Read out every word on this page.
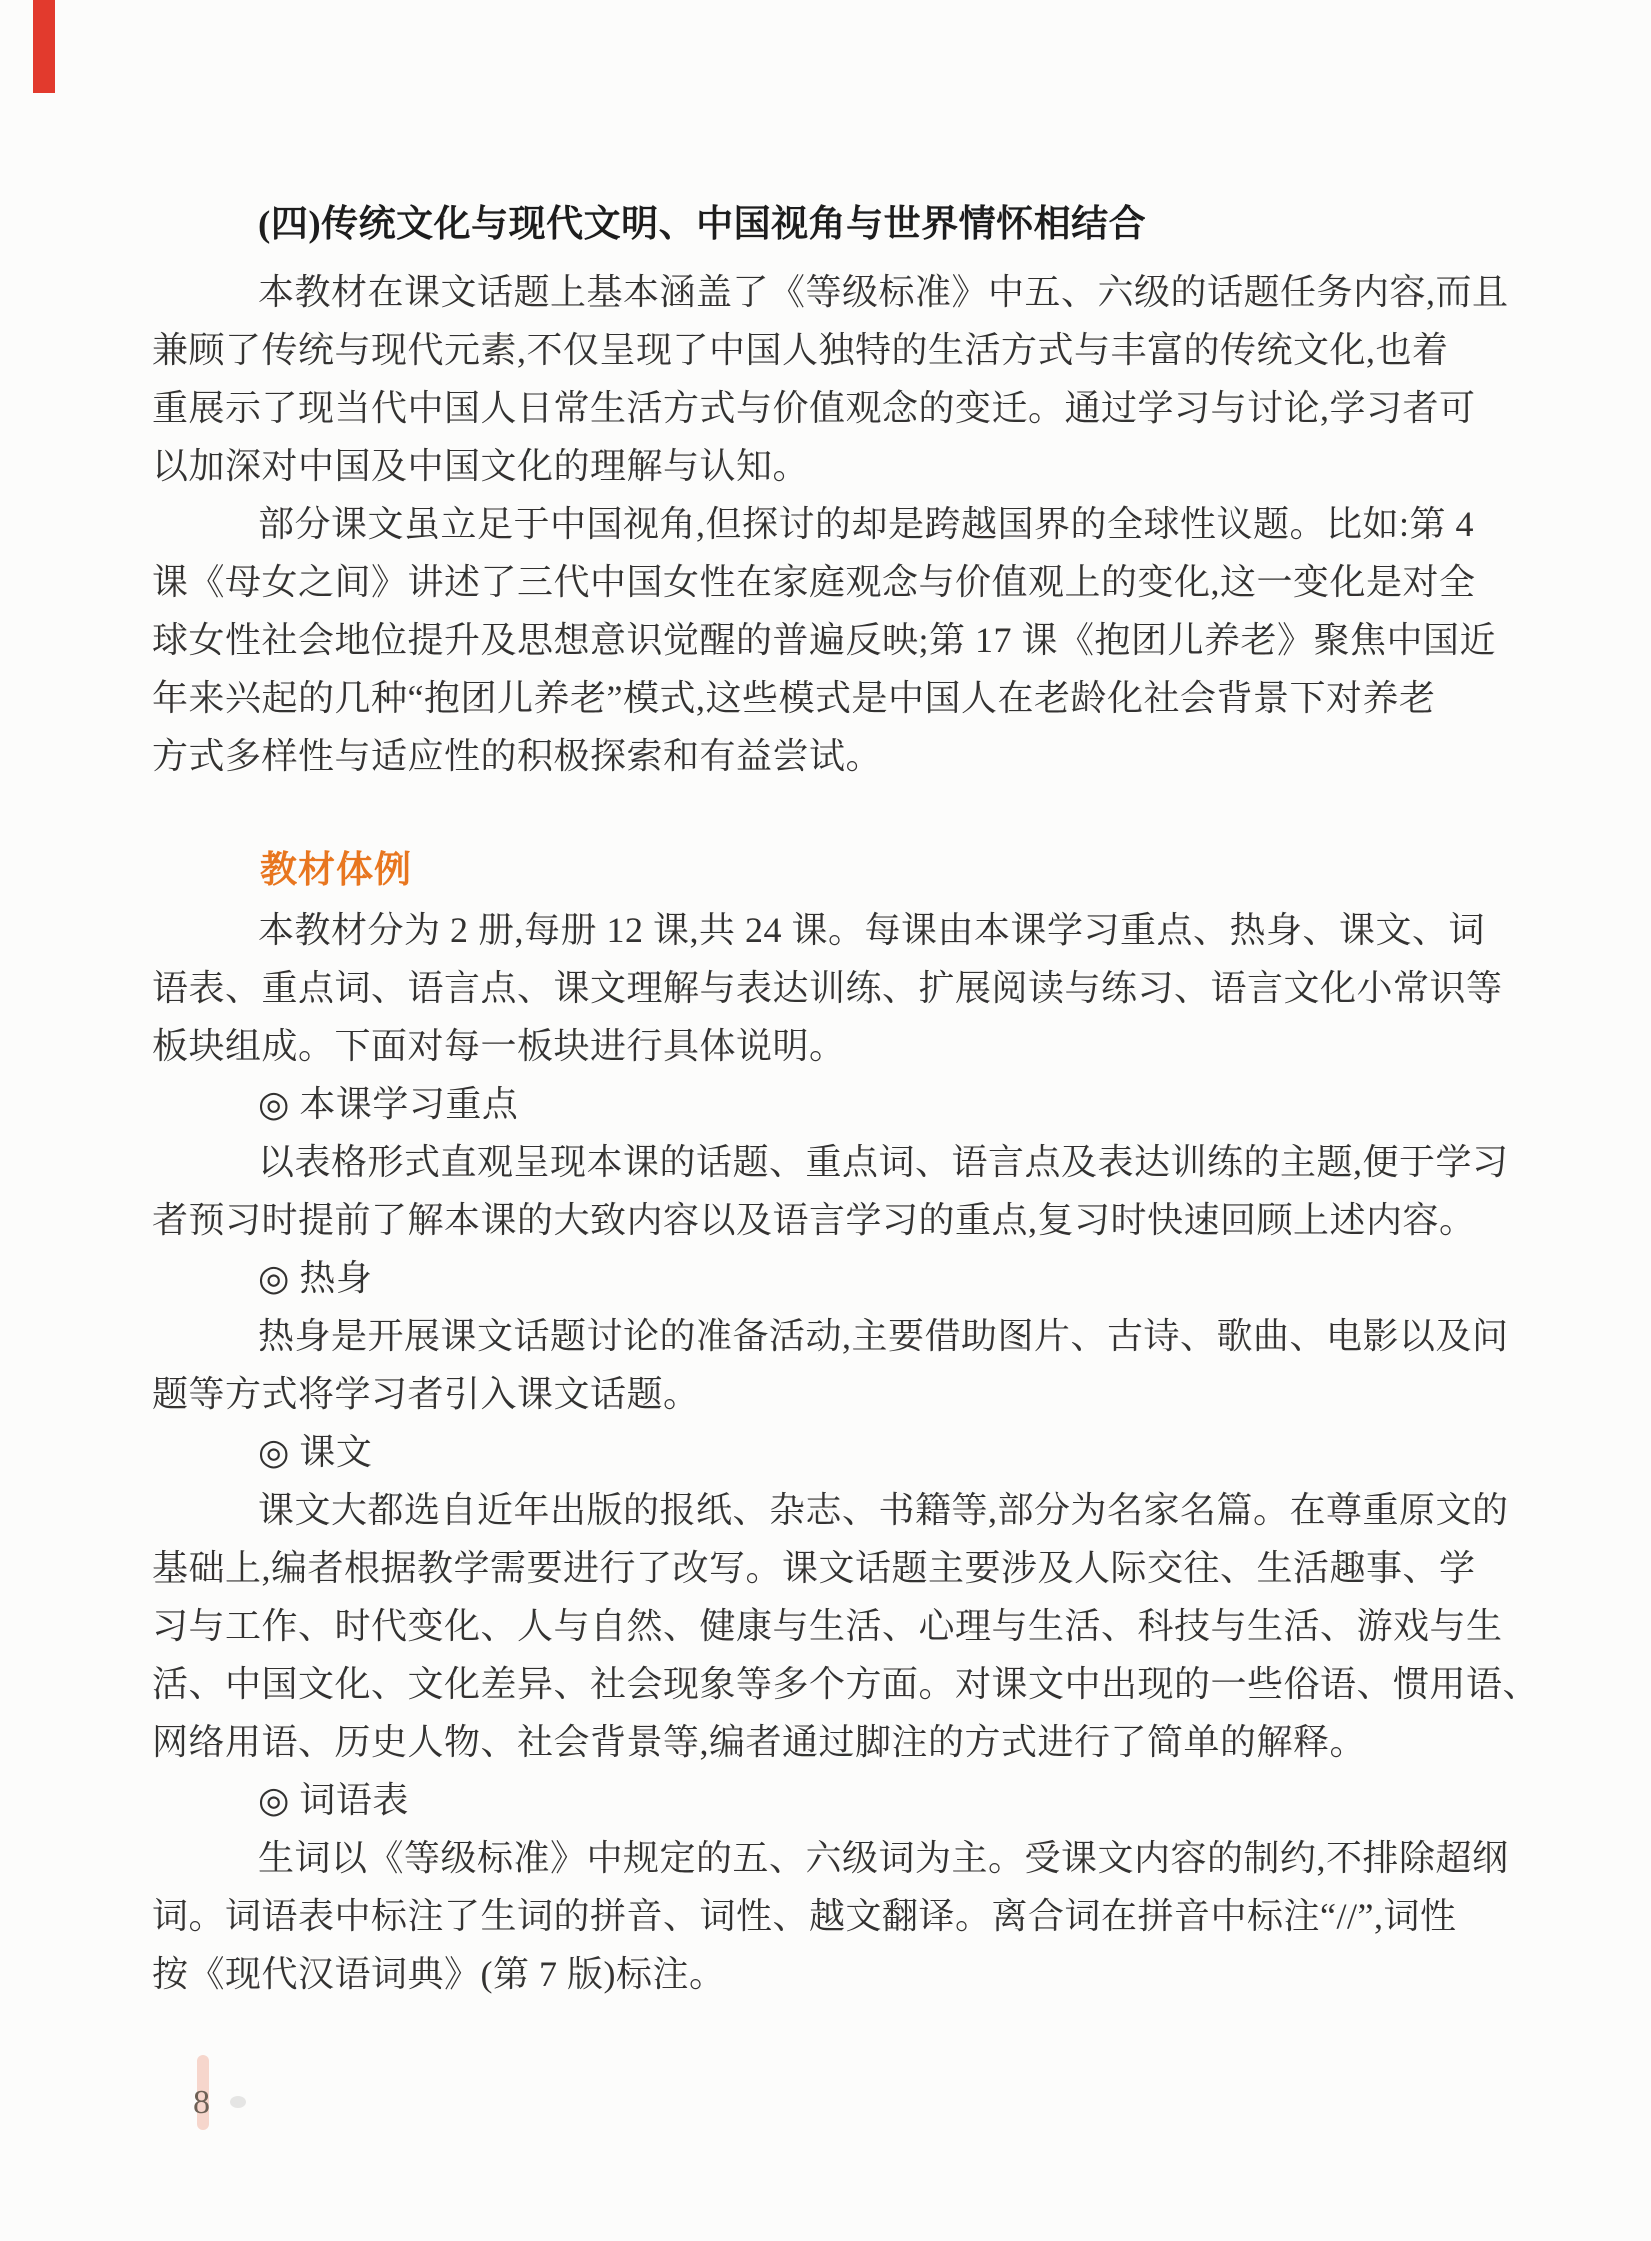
(四)传统文化与现代文明、中国视角与世界情怀相结合
本教材在课文话题上基本涵盖了《等级标准》中五、六级的话题任务内容,而且
兼顾了传统与现代元素,不仅呈现了中国人独特的生活方式与丰富的传统文化,也着
重展示了现当代中国人日常生活方式与价值观念的变迁。通过学习与讨论,学习者可
以加深对中国及中国文化的理解与认知。
部分课文虽立足于中国视角,但探讨的却是跨越国界的全球性议题。比如:第 4
课《母女之间》讲述了三代中国女性在家庭观念与价值观上的变化,这一变化是对全
球女性社会地位提升及思想意识觉醒的普遍反映;第 17 课《抱团儿养老》聚焦中国近
年来兴起的几种“抱团儿养老”模式,这些模式是中国人在老龄化社会背景下对养老
方式多样性与适应性的积极探索和有益尝试。
教材体例
本教材分为 2 册,每册 12 课,共 24 课。每课由本课学习重点、热身、课文、词
语表、重点词、语言点、课文理解与表达训练、扩展阅读与练习、语言文化小常识等
板块组成。下面对每一板块进行具体说明。
◎ 本课学习重点
以表格形式直观呈现本课的话题、重点词、语言点及表达训练的主题,便于学习
者预习时提前了解本课的大致内容以及语言学习的重点,复习时快速回顾上述内容。
◎ 热身
热身是开展课文话题讨论的准备活动,主要借助图片、古诗、歌曲、电影以及问
题等方式将学习者引入课文话题。
◎ 课文
课文大都选自近年出版的报纸、杂志、书籍等,部分为名家名篇。在尊重原文的
基础上,编者根据教学需要进行了改写。课文话题主要涉及人际交往、生活趣事、学
习与工作、时代变化、人与自然、健康与生活、心理与生活、科技与生活、游戏与生
活、中国文化、文化差异、社会现象等多个方面。对课文中出现的一些俗语、惯用语、
网络用语、历史人物、社会背景等,编者通过脚注的方式进行了简单的解释。
◎ 词语表
生词以《等级标准》中规定的五、六级词为主。受课文内容的制约,不排除超纲
词。词语表中标注了生词的拼音、词性、越文翻译。离合词在拼音中标注“//”,词性
按《现代汉语词典》(第 7 版)标注。
8
